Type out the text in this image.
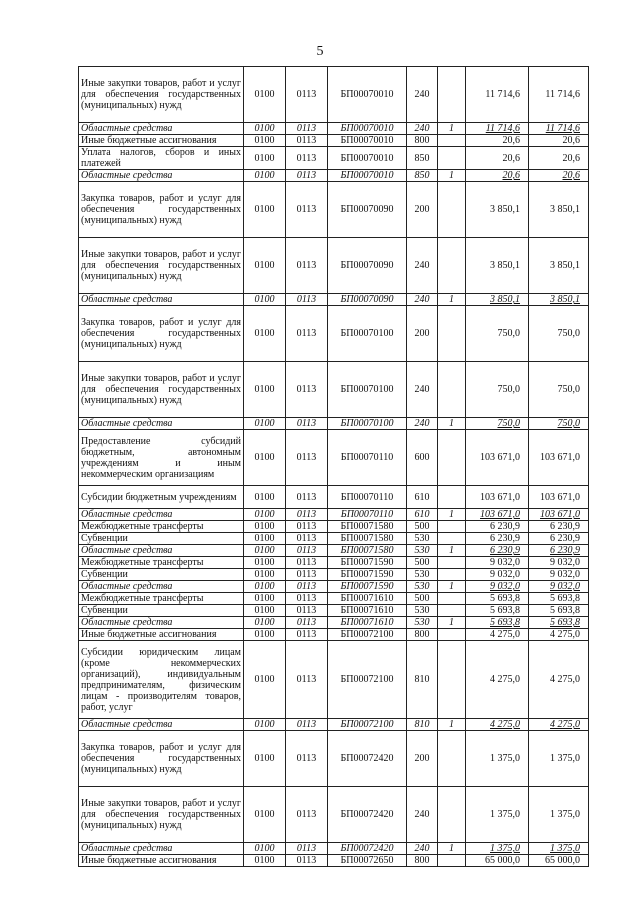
5
Иные закупки товаров, работ и услуг для обеспечения государственных (муниципальных) нужд	0100	0113	БП00070010	240		11 714,6	11 714,6
Областные средства	0100	0113	БП00070010	240	1	11 714,6	11 714,6
Иные бюджетные ассигнования	0100	0113	БП00070010	800		20,6	20,6
Уплата налогов, сборов и иных платежей	0100	0113	БП00070010	850		20,6	20,6
Областные средства	0100	0113	БП00070010	850	1	20,6	20,6
Закупка товаров, работ и услуг для обеспечения государственных (муниципальных) нужд	0100	0113	БП00070090	200		3 850,1	3 850,1
Иные закупки товаров, работ и услуг для обеспечения государственных (муниципальных) нужд	0100	0113	БП00070090	240		3 850,1	3 850,1
Областные средства	0100	0113	БП00070090	240	1	3 850,1	3 850,1
Закупка товаров, работ и услуг для обеспечения государственных (муниципальных) нужд	0100	0113	БП00070100	200		750,0	750,0
Иные закупки товаров, работ и услуг для обеспечения государственных (муниципальных) нужд	0100	0113	БП00070100	240		750,0	750,0
Областные средства	0100	0113	БП00070100	240	1	750,0	750,0
Предоставление субсидий бюджетным, автономным учреждениям и иным некоммерческим организациям	0100	0113	БП00070110	600		103 671,0	103 671,0
Субсидии бюджетным учреждениям	0100	0113	БП00070110	610		103 671,0	103 671,0
Областные средства	0100	0113	БП00070110	610	1	103 671,0	103 671,0
Межбюджетные трансферты	0100	0113	БП00071580	500		6 230,9	6 230,9
Субвенции	0100	0113	БП00071580	530		6 230,9	6 230,9
Областные средства	0100	0113	БП00071580	530	1	6 230,9	6 230,9
Межбюджетные трансферты	0100	0113	БП00071590	500		9 032,0	9 032,0
Субвенции	0100	0113	БП00071590	530		9 032,0	9 032,0
Областные средства	0100	0113	БП00071590	530	1	9 032,0	9 032,0
Межбюджетные трансферты	0100	0113	БП00071610	500		5 693,8	5 693,8
Субвенции	0100	0113	БП00071610	530		5 693,8	5 693,8
Областные средства	0100	0113	БП00071610	530	1	5 693,8	5 693,8
Иные бюджетные ассигнования	0100	0113	БП00072100	800		4 275,0	4 275,0
Субсидии юридическим лицам (кроме некоммерческих организаций), индивидуальным предпринимателям, физическим лицам - производителям товаров, работ, услуг	0100	0113	БП00072100	810		4 275,0	4 275,0
Областные средства	0100	0113	БП00072100	810	1	4 275,0	4 275,0
Закупка товаров, работ и услуг для обеспечения государственных (муниципальных) нужд	0100	0113	БП00072420	200		1 375,0	1 375,0
Иные закупки товаров, работ и услуг для обеспечения государственных (муниципальных) нужд	0100	0113	БП00072420	240		1 375,0	1 375,0
Областные средства	0100	0113	БП00072420	240	1	1 375,0	1 375,0
Иные бюджетные ассигнования	0100	0113	БП00072650	800		65 000,0	65 000,0
